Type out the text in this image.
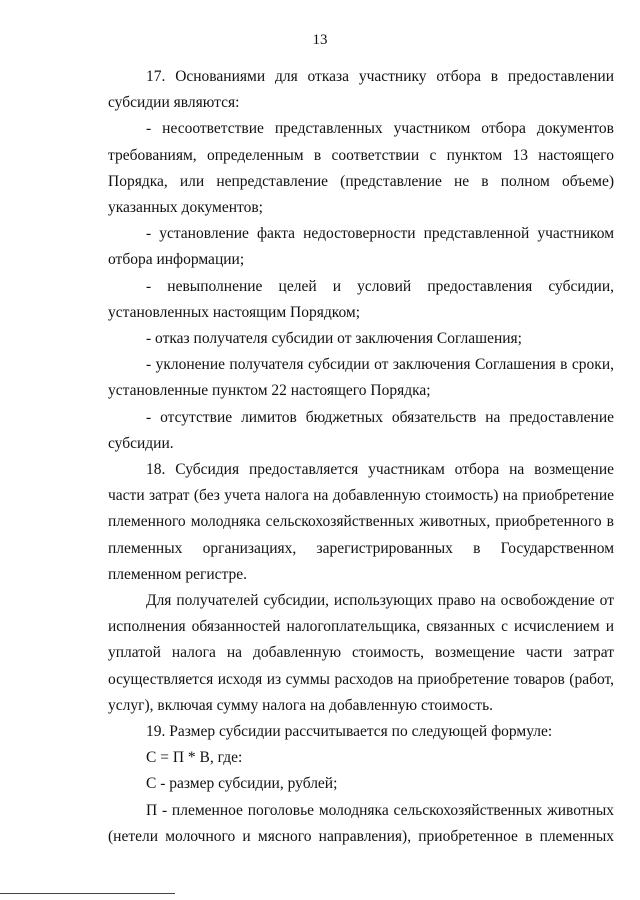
13

17. Основаниями для отказа участнику отбора в предоставлении субсидии являются:

- несоответствие представленных участником отбора документов требованиям, определенным в соответствии с пунктом 13 настоящего Порядка, или непредставление (представление не в полном объеме) указанных документов;

- установление факта недостоверности представленной участником отбора информации;

- невыполнение целей и условий предоставления субсидии, установленных настоящим Порядком;

- отказ получателя субсидии от заключения Соглашения;

- уклонение получателя субсидии от заключения Соглашения в сроки, установленные пунктом 22 настоящего Порядка;

- отсутствие лимитов бюджетных обязательств на предоставление субсидии.

18. Субсидия предоставляется участникам отбора на возмещение части затрат (без учета налога на добавленную стоимость) на приобретение племенного молодняка сельскохозяйственных животных, приобретенного в племенных организациях, зарегистрированных в Государственном племенном регистре.

Для получателей субсидии, использующих право на освобождение от исполнения обязанностей налогоплательщика, связанных с исчислением и уплатой налога на добавленную стоимость, возмещение части затрат осуществляется исходя из суммы расходов на приобретение товаров (работ, услуг), включая сумму налога на добавленную стоимость.

19. Размер субсидии рассчитывается по следующей формуле:

С = П * В, где:

С - размер субсидии, рублей;

П - племенное поголовье молодняка сельскохозяйственных животных (нетели молочного и мясного направления), приобретенное в племенных
